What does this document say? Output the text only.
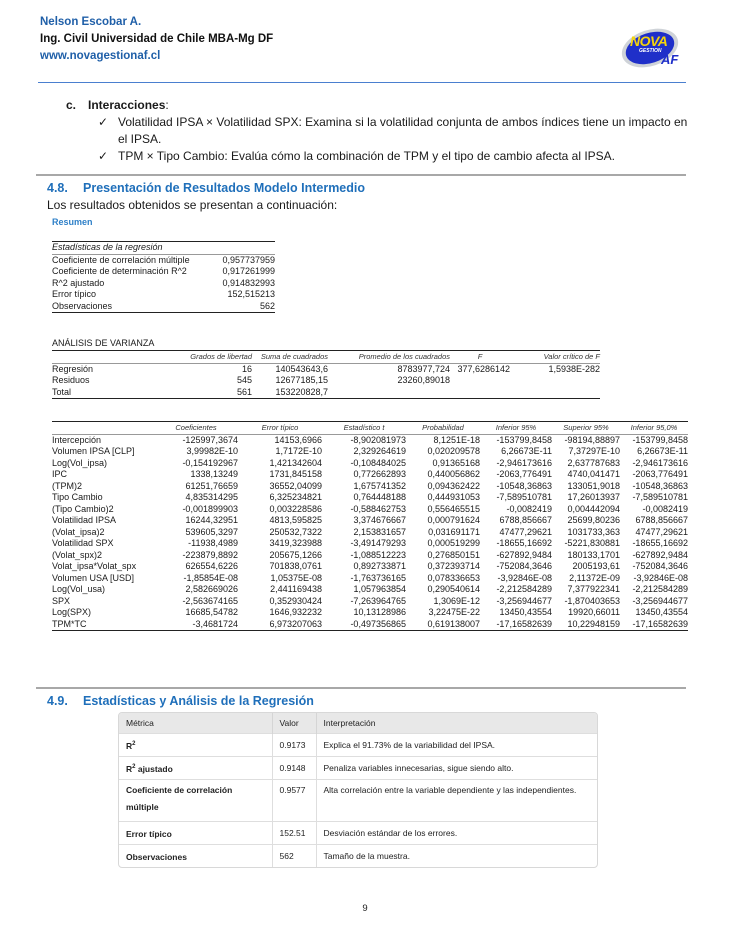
Nelson Escobar A.
Ing. Civil Universidad de Chile MBA-Mg DF
www.novagestionaf.cl
NOVA
GESTION
AF
c. Interacciones:
✓ Volatilidad IPSA × Volatilidad SPX: Examina si la volatilidad conjunta de ambos índices tiene un impacto en el IPSA.
✓ TPM × Tipo Cambio: Evalúa cómo la combinación de TPM y el tipo de cambio afecta al IPSA.
4.8. Presentación de Resultados Modelo Intermedio
Los resultados obtenidos se presentan a continuación:
Resumen
Estadísticas de la regresión	
Coeficiente de correlación múltiple	0,957737959
Coeficiente de determinación R^2	0,917261999
R^2 ajustado	0,914832993
Error típico	152,515213
Observaciones	562
ANÁLISIS DE VARIANZA
	Grados de libertad	Suma de cuadrados	Promedio de los cuadrados	F	Valor crítico de F
Regresión	16	140543643,6	8783977,724	377,6286142	1,5938E-282
Residuos	545	12677185,15	23260,89018		
Total	561	153220828,7			
	Coeficientes	Error típico	Estadístico t	Probabilidad	Inferior 95%	Superior 95%	Inferior 95,0%
Intercepción	-125997,3674	14153,6966	-8,902081973	8,1251E-18	-153799,8458	-98194,88897	-153799,8458
Volumen IPSA [CLP]	3,99982E-10	1,7172E-10	2,329264619	0,020209578	6,26673E-11	7,37297E-10	6,26673E-11
Log(Vol_ipsa)	-0,154192967	1,421342604	-0,108484025	0,91365168	-2,946173616	2,637787683	-2,946173616
IPC	1338,13249	1731,845158	0,772662893	0,440056862	-2063,776491	4740,041471	-2063,776491
(TPM)2	61251,76659	36552,04099	1,675741352	0,094362422	-10548,36863	133051,9018	-10548,36863
Tipo Cambio	4,835314295	6,325234821	0,764448188	0,444931053	-7,589510781	17,26013937	-7,589510781
(Tipo Cambio)2	-0,001899903	0,003228586	-0,588462753	0,556465515	-0,0082419	0,004442094	-0,0082419
Volatilidad IPSA	16244,32951	4813,595825	3,374676667	0,000791624	6788,856667	25699,80236	6788,856667
(Volat_ipsa)2	539605,3297	250532,7322	2,153831657	0,031691171	47477,29621	1031733,363	47477,29621
Volatilidad SPX	-11938,4989	3419,323988	-3,491479293	0,000519299	-18655,16692	-5221,830881	-18655,16692
(Volat_spx)2	-223879,8892	205675,1266	-1,088512223	0,276850151	-627892,9484	180133,1701	-627892,9484
Volat_ipsa*Volat_spx	626554,6226	701838,0761	0,892733871	0,372393714	-752084,3646	2005193,61	-752084,3646
Volumen USA [USD]	-1,85854E-08	1,05375E-08	-1,763736165	0,078336653	-3,92846E-08	2,11372E-09	-3,92846E-08
Log(Vol_usa)	2,582669026	2,441169438	1,057963854	0,290540614	-2,212584289	7,377922341	-2,212584289
SPX	-2,563674165	0,352930424	-7,263964765	1,3069E-12	-3,256944677	-1,870403653	-3,256944677
Log(SPX)	16685,54782	1646,932232	10,13128986	3,22475E-22	13450,43554	19920,66011	13450,43554
TPM*TC	-3,4681724	6,973207063	-0,497356865	0,619138007	-17,16582639	10,22948159	-17,16582639
4.9. Estadísticas y Análisis de la Regresión
Métrica	Valor	Interpretación
$R^2$	0.9173	Explica el 91.73% de la variabilidad del IPSA.
$R^2$ ajustado	0.9148	Penaliza variables innecesarias, sigue siendo alto.
Coeficiente de correlación múltiple	0.9577	Alta correlación entre la variable dependiente y las independientes.
Error típico	152.51	Desviación estándar de los errores.
Observaciones	562	Tamaño de la muestra.
9
